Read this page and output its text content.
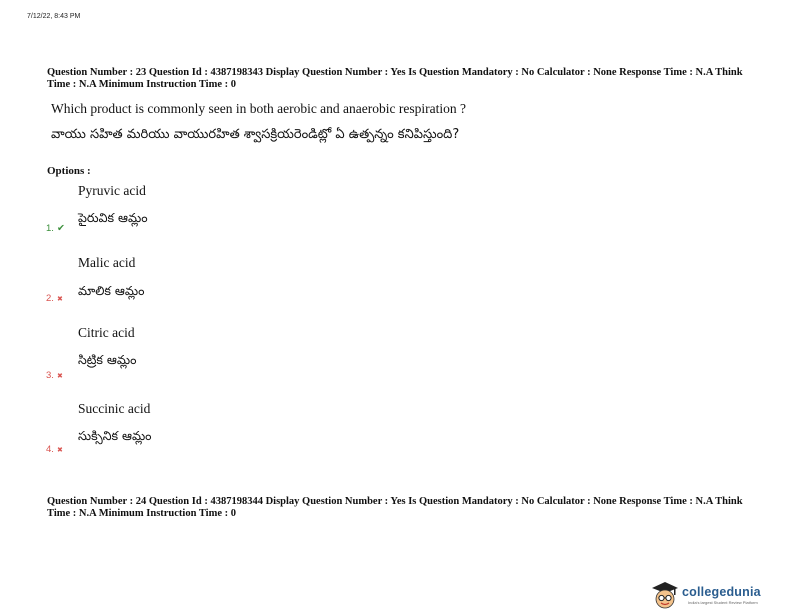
7/12/22, 8:43 PM
Question Number : 23 Question Id : 4387198343 Display Question Number : Yes Is Question Mandatory : No Calculator : None Response Time : N.A Think Time : N.A Minimum Instruction Time : 0
Which product is commonly seen in both aerobic and anaerobic respiration ?
వాయు సహిత మరియు వాయురహిత శ్వాసక్రియరెండిట్లో ఏ ఉత్పన్నం కనిపిస్తుంది?
Options :
Pyruvic acid
పైరువిక ఆమ్లం
1. ✔
Malic acid
మాలిక ఆమ్లం
2. ✖
Citric acid
సిట్రిక ఆమ్లం
3. ✖
Succinic acid
సుక్సినిక ఆమ్లం
4. ✖
Question Number : 24 Question Id : 4387198344 Display Question Number : Yes Is Question Mandatory : No Calculator : None Response Time : N.A Think Time : N.A Minimum Instruction Time : 0
collegedunia
India's largest Student Review Platform
